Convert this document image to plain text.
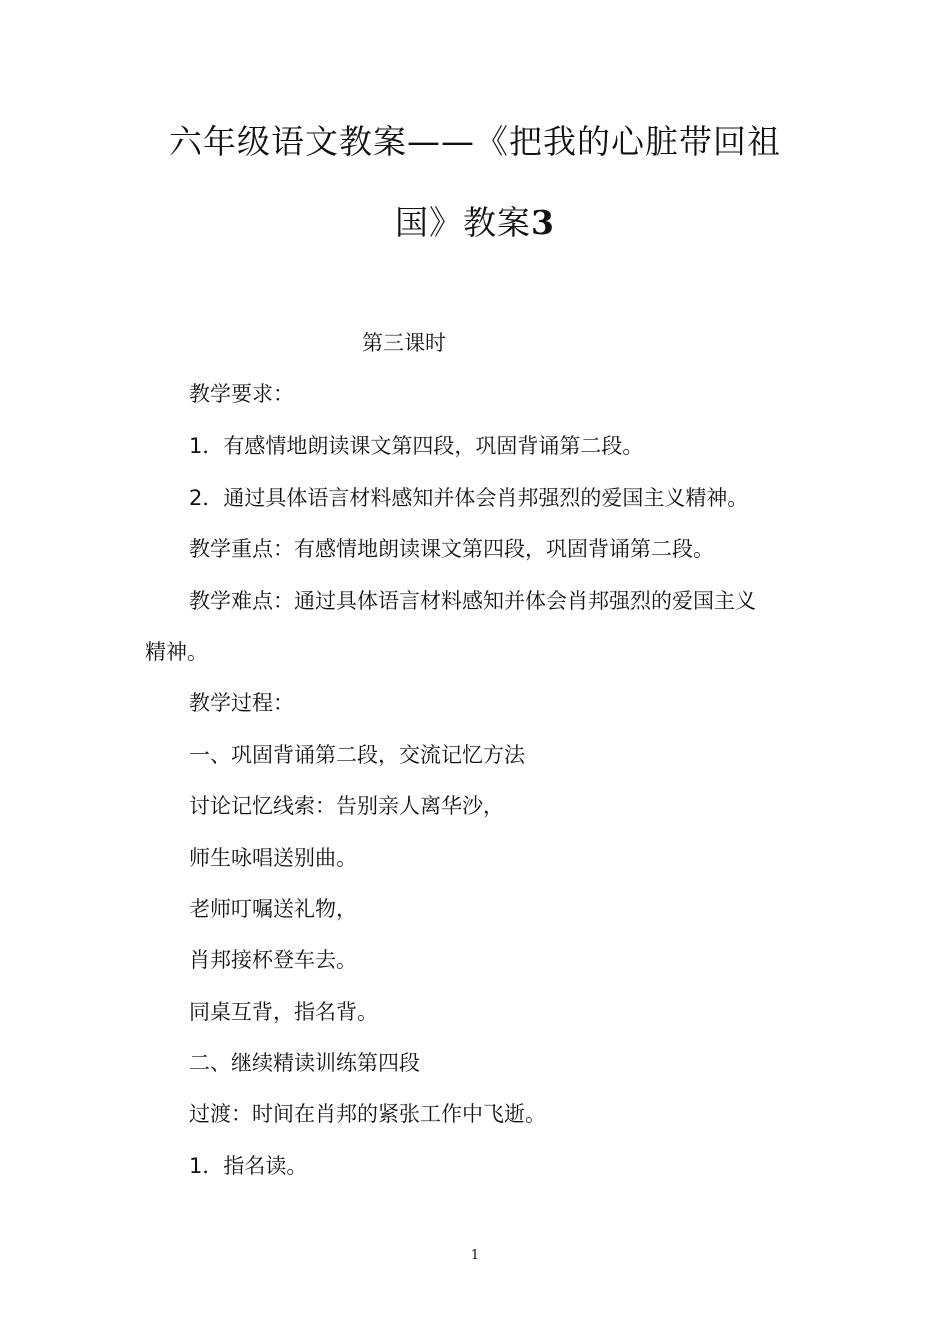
六年级语文教案——《把我的心脏带回祖
国》教案3
第三课时
教学要求：
1．有感情地朗读课文第四段，巩固背诵第二段。
2．通过具体语言材料感知并体会肖邦强烈的爱国主义精神。
教学重点：有感情地朗读课文第四段，巩固背诵第二段。
教学难点：通过具体语言材料感知并体会肖邦强烈的爱国主义
精神。
教学过程：
一、巩固背诵第二段，交流记忆方法
讨论记忆线索：告别亲人离华沙，
师生咏唱送别曲。
老师叮嘱送礼物，
肖邦接杯登车去。
同桌互背，指名背。
二、继续精读训练第四段
过渡：时间在肖邦的紧张工作中飞逝。
1．指名读。
1
